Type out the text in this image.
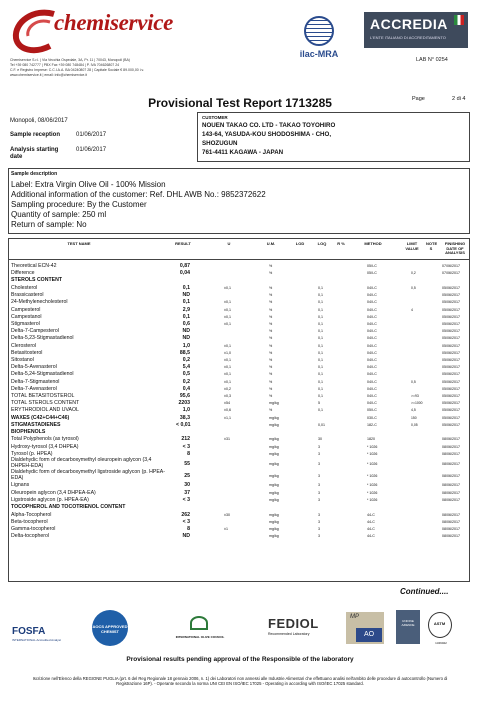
chemiservice
Chemiservice S.r.l. | Via Vecchia Ospedale, 3A, Pr. 11 | 70043, Monopoli (BA)
Tel +39 080 742777 | PBX Fax +39 080 748484 | P. IVA 704626807 24
C.F. e Registro Imprese: C.C.I.A.A. BA 04240807 28 | Capitale Sociale € 89.000,00 i.v.
www.chemiservice.it | email: info@chemiservice.it
ilac-MRA
ACCREDIA
L'ENTE ITALIANO DI ACCREDITAMENTO
LAB N° 0254
Provisional Test Report 1713285	Page	2 di 4
Monopoli, 08/06/2017
Sample reception	01/06/2017
Analysis starting date
01/06/2017
CUSTOMER
NOUEN TAKAO CO. LTD - TAKAO TOYOHIRO
143-64, YASUDA-KOU SHODOSHIMA - CHO,
SHOZUGUN
761-4411 KAGAWA - JAPAN
Sample description
Label: Extra Virgin Olive Oil - 100% Mission
Additional information of the customer: Ref. DHL AWB No.: 9852372622
Sampling procedure: By the Customer
Quantity of sample: 250 ml
Return of sample: No
TEST NAME	RESULT	U	U.M.	LOD	LOQ	R %	METHOD	LIMIT VALUE
NOTE S
FINISHING DATE OF ANALYSIS
Theoretical ECN-42	0,87	%	05/I-C	07/06/2017
Difference	0,04	%	05/I-C	0,2	07/06/2017
STEROLS CONTENT
Cholesterol	0,1	±0,1	%	0,1	04/I-C	0,5	05/06/2017
Brassicasterol	ND	%	0,1	04/I-C	05/06/2017
24-Methylenecholesterol	0,1	±0,1	%	0,1	04/I-C	05/06/2017
Campesterol	2,9	±0,1	%	0,1	04/I-C	4	05/06/2017
Campestanol	0,1	±0,1	%	0,1	04/I-C	05/06/2017
Stigmasterol	0,6	±0,1	%	0,1	04/I-C	05/06/2017
Delta-7-Campesterol	ND	%	0,1	04/I-C	05/06/2017
Delta-5,23-Stigmastadienol	ND	%	0,1	04/I-C	05/06/2017
Clerosterol	1,0	±0,1	%	0,1	04/I-C	05/06/2017
Betasitosterol	88,5	±1,0	%	0,1	04/I-C	05/06/2017
Sitostanol	0,2	±0,1	%	0,1	04/I-C	05/06/2017
Delta-5-Avenasterol	5,4	±0,1	%	0,1	04/I-C	05/06/2017
Delta-5,24-Stigmastadienol	0,5	±0,1	%	0,1	04/I-C	05/06/2017
Delta-7-Stigmastenol	0,2	±0,1	%	0,1	04/I-C	0,5	05/06/2017
Delta-7-Avenasterol	0,4	±0,2	%	0,1	04/I-C	05/06/2017
TOTAL BETASITOSTEROL	95,6	±0,3	%	0,1	04/I-C	>=93	05/06/2017
TOTAL STEROLS CONTENT	2203	±54	mg/kg	5	04/I-C	>=1000	05/06/2017
ERYTHRODIOL AND UVAOL	1,0	±0,6	%	0,1	05/I-C	4,5	05/06/2017
WAXES (C42+C44+C46)	38,3	±1,1	mg/kg	030-C	150	05/06/2017
STIGMASTADIENES	< 0,01	mg/kg	0,01	182-C	0,05	05/06/2017
BIOPHENOLS
Total Polyphenols (as tyrosol)	212	±31	mg/kg	30	1820	08/06/2017
Hydroxy-tyrosol (3,4 DHPEA)	< 3	mg/kg	3	* 1026	08/06/2017
Tyrosol (p. HPEA)	8	mg/kg	3	* 1026	08/06/2017
Dialdehydic form of decarboxymethyl oleuropein aglycon (3,4 DHPEH-EDA)	55	mg/kg	3	* 1026	08/06/2017
Dialdehydic form of decarboxymethyl ligstroside aglycon (p. HPEA-EDA)	25	mg/kg	3	* 1026	08/06/2017
Lignans	30	mg/kg	3	* 1026	08/06/2017
Oleuropein aglycon (3,4 DHPEA-EA)	37	mg/kg	3	* 1026	08/06/2017
Ligstroside aglycon (p. HPEA-EA)	< 3	mg/kg	3	* 1026	08/06/2017
TOCOPHEROL AND TOCOTRIENOL CONTENT
Alpha-Tocopherol	262	±30	mg/kg	3	44-C	08/06/2017
Beta-tocopherol	< 3	mg/kg	3	44-C	08/06/2017
Gamma-tocopherol	8	±1	mg/kg	3	44-C	08/06/2017
Delta-tocopherol	ND	mg/kg	3	44-C	08/06/2017
Continued....
FOSFA
INTERNATIONAL Accredited Analyst
AOCS APPROVED CHEMIST
INTERNATIONAL OLIVE COUNCIL
FEDIOL
Recommended Laboratory
MP
AO
UNIONE AZIENDE	ASTM
1349022
Provisional results pending approval of the Responsible of the laboratory
Iscrizione nell'Elenco della REGIONE PUGLIA (prt. 6 del Reg Regionale 18 gennaio 2006, n. 1) dei Laboratori non annessi alle Industrie Alimentari che effettuano analisi nell'ambito delle procedure di autocontrollo (Numero di Registrazione 16P). - Operante secondo la norma UNI CEI EN ISO/IEC 17025 - Operating in according with ISO/IEC 17025 standard.
